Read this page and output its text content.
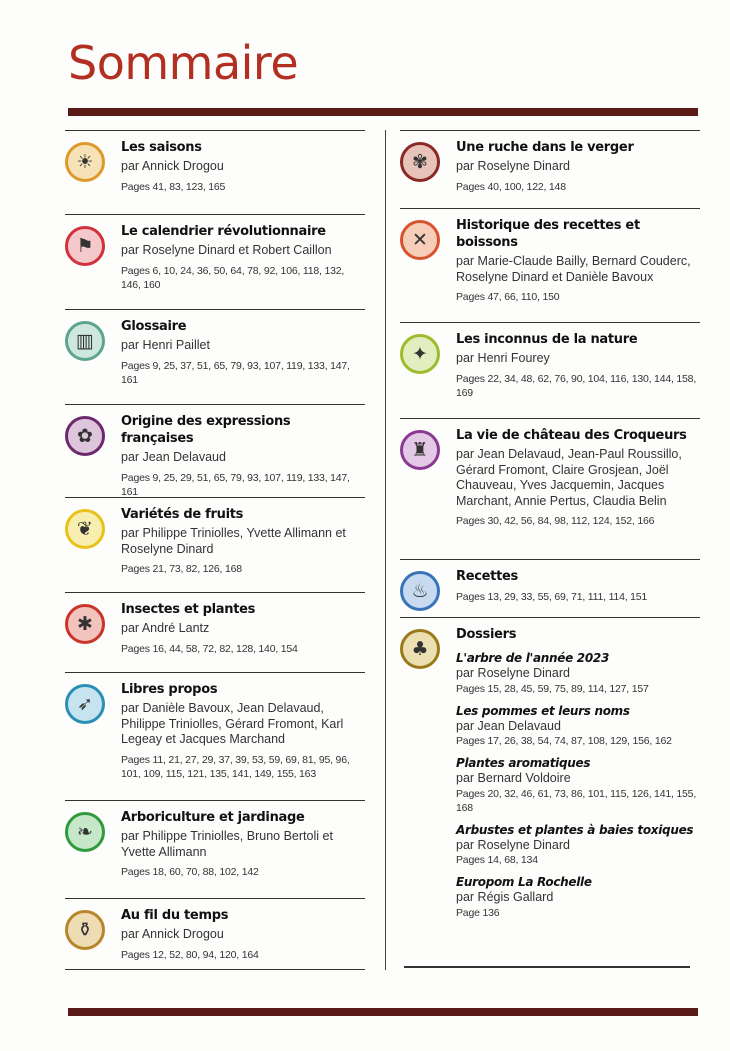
Sommaire
☀
Les saisons
par Annick Drogou
Pages 41, 83, 123, 165
⚑
Le calendrier révolutionnaire
par Roselyne Dinard et Robert Caillon
Pages 6, 10, 24, 36, 50, 64, 78, 92, 106, 118, 132, 146, 160
▥
Glossaire
par Henri Paillet
Pages 9, 25, 37, 51, 65, 79, 93, 107, 119, 133, 147, 161
✿
Origine des expressions françaises
par Jean Delavaud
Pages 9, 25, 29, 51, 65, 79, 93, 107, 119, 133, 147, 161
❦
Variétés de fruits
par Philippe Triniolles, Yvette Allimann et Roselyne Dinard
Pages 21, 73, 82, 126, 168
✱
Insectes et plantes
par André Lantz
Pages 16, 44, 58, 72, 82, 128, 140, 154
➶
Libres propos
par Danièle Bavoux, Jean Delavaud, Philippe Triniolles, Gérard Fromont, Karl Legeay et Jacques Marchand
Pages 11, 21, 27, 29, 37, 39, 53, 59, 69, 81, 95, 96, 101, 109, 115, 121, 135, 141, 149, 155, 163
❧
Arboriculture et jardinage
par Philippe Triniolles, Bruno Bertoli et Yvette Allimann
Pages 18, 60, 70, 88, 102, 142
⚱
Au fil du temps
par Annick Drogou
Pages 12, 52, 80, 94, 120, 164
✾
Une ruche dans le verger
par Roselyne Dinard
Pages 40, 100, 122, 148
✕
Historique des recettes et boissons
par Marie-Claude Bailly, Bernard Couderc, Roselyne Dinard et Danièle Bavoux
Pages 47, 66, 110, 150
✦
Les inconnus de la nature
par Henri Fourey
Pages 22, 34, 48, 62, 76, 90, 104, 116, 130, 144, 158, 169
♜
La vie de château des Croqueurs
par Jean Delavaud, Jean-Paul Roussillo, Gérard Fromont, Claire Grosjean, Joël Chauveau, Yves Jacquemin, Jacques Marchant, Annie Pertus, Claudia Belin
Pages 30, 42, 56, 84, 98, 112, 124, 152, 166
♨
Recettes
Pages 13, 29, 33, 55, 69, 71, 111, 114, 151
♣
Dossiers
L'arbre de l'année 2023
par Roselyne Dinard
Pages 15, 28, 45, 59, 75, 89, 114, 127, 157
Les pommes et leurs noms
par Jean Delavaud
Pages 17, 26, 38, 54, 74, 87, 108, 129, 156, 162
Plantes aromatiques
par Bernard Voldoire
Pages 20, 32, 46, 61, 73, 86, 101, 115, 126, 141, 155, 168
Arbustes et plantes à baies toxiques
par Roselyne Dinard
Pages 14, 68, 134
Europom La Rochelle
par Régis Gallard
Page 136
